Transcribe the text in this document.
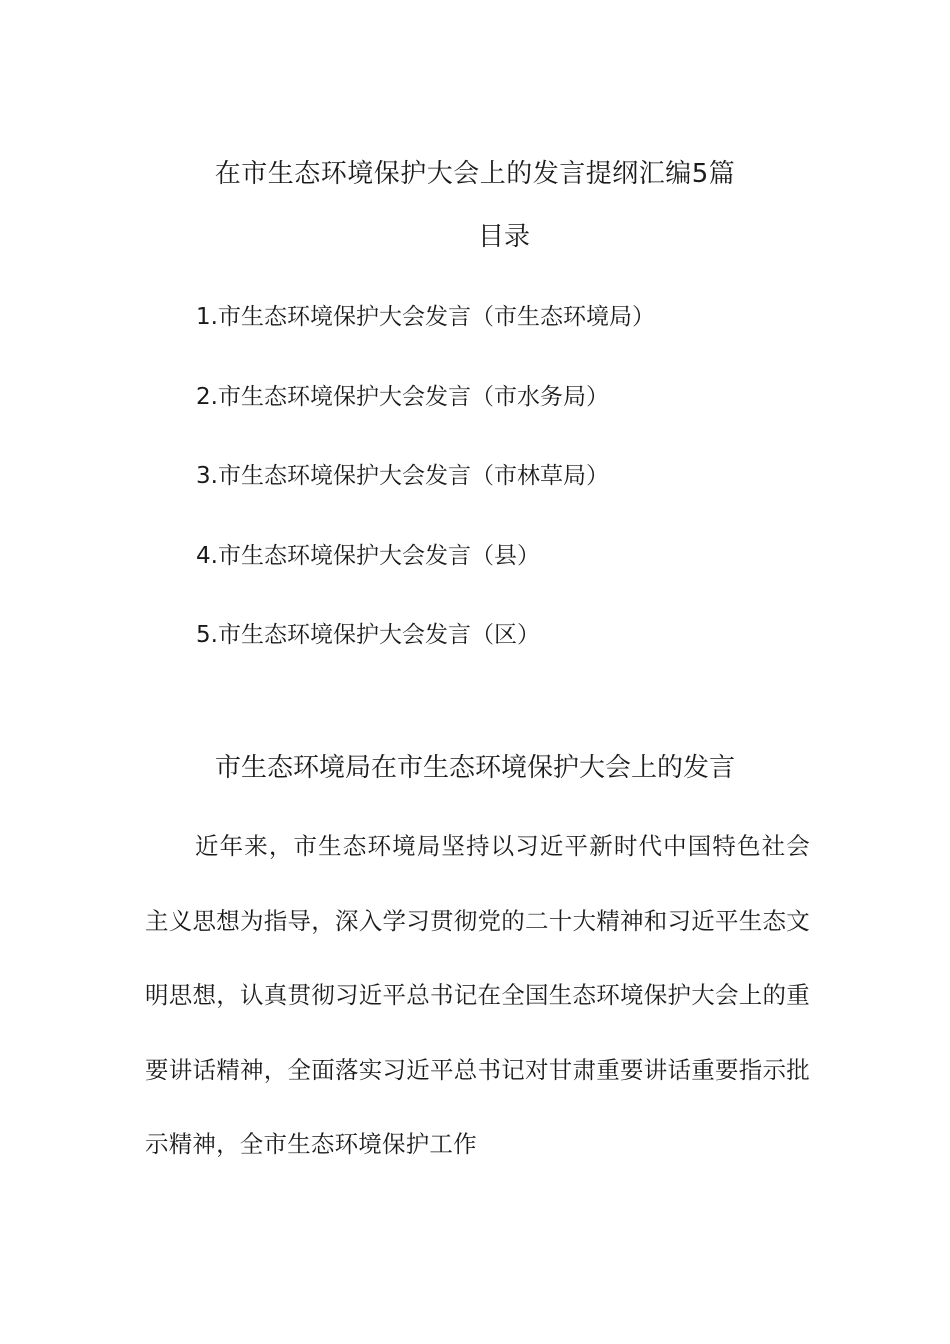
在市生态环境保护大会上的发言提纲汇编5篇
目录
1.市生态环境保护大会发言（市生态环境局）
2.市生态环境保护大会发言（市水务局）
3.市生态环境保护大会发言（市林草局）
4.市生态环境保护大会发言（县）
5.市生态环境保护大会发言（区）
市生态环境局在市生态环境保护大会上的发言

近年来，市生态环境局坚持以习近平新时代中国特色社会主义思想为指导，深入学习贯彻党的二十大精神和习近平生态文明思想，认真贯彻习近平总书记在全国生态环境保护大会上的重要讲话精神，全面落实习近平总书记对甘肃重要讲话重要指示批示精神，全市生态环境保护工作
